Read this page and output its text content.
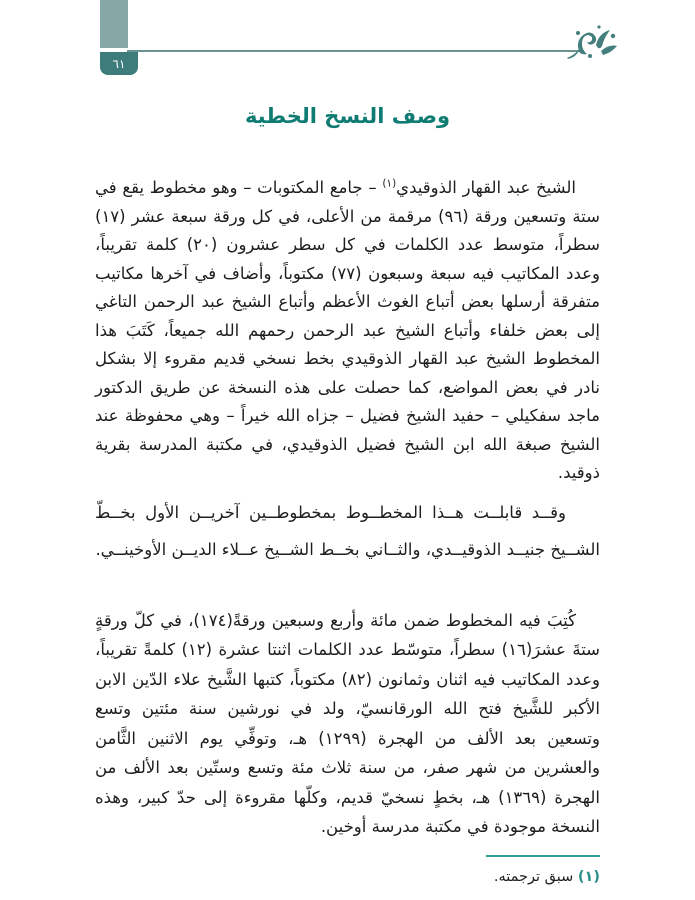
٦١
وصف النسخ الخطية

الشيخ عبد القهار الذوقيدي$^{(١)}$ – جامع المكتوبات – وهو مخطوط يقع في ستة وتسعين ورقة (٩٦) مرقمة من الأعلى، في كل ورقة سبعة عشر (١٧) سطراً، متوسط عدد الكلمات في كل سطر عشرون (٢٠) كلمة تقريباً، وعدد المكاتيب فيه سبعة وسبعون (٧٧) مكتوباً، وأضاف في آخرها مكاتيب متفرقة أرسلها بعض أتباع الغوث الأعظم وأتباع الشيخ عبد الرحمن التاغي إلى بعض خلفاء وأتباع الشيخ عبد الرحمن رحمهم الله جميعاً، كَتَبَ هذا المخطوط الشيخ عبد القهار الذوقيدي بخط نسخي قديم مقروء إلا بشكل نادر في بعض المواضع، كما حصلت على هذه النسخة عن طريق الدكتور ماجد سفكيلي – حفيد الشيخ فضيل – جزاه الله خيراً – وهي محفوظة عند الشيخ صبغة الله ابن الشيخ فضيل الذوقيدي، في مكتبة المدرسة بقرية ذوقيد.

وقــد قابلــت هــذا المخطــوط بمخطوطــين آخريــن الأول بخــطّ الشــيخ جنيــد الذوقيــدي، والثــاني بخــط الشــيخ عــلاء الديــن الأوخينــي.

كُتِبَ فيه المخطوط ضمن مائة وأربع وسبعين ورقةً(١٧٤)، في كلّ ورقةٍ ستةَ عشرَ(١٦) سطراً، متوسّط عدد الكلمات اثنتا عشرة (١٢) كلمةً تقريباً، وعدد المكاتيب فيه اثنان وثمانون (٨٢) مكتوباً، كتبها الشَّيخ علاء الدّين الابن الأكبر للشَّيخ فتح الله الورقانسيّ، ولد في نورشين سنة مئتين وتسع وتسعين بعد الألف من الهجرة (١٢٩٩) هـ، وتوفِّي يوم الاثنين الثَّامن والعشرين من شهر صفر، من سنة ثلاث مئة وتسع وستّين بعد الألف من الهجرة (١٣٦٩) هـ، بخطٍ نسخيّ قديم، وكلّها مقروءة إلى حدّ كبير، وهذه النسخة موجودة في مكتبة مدرسة أوخين.

(١) سبق ترجمته.
